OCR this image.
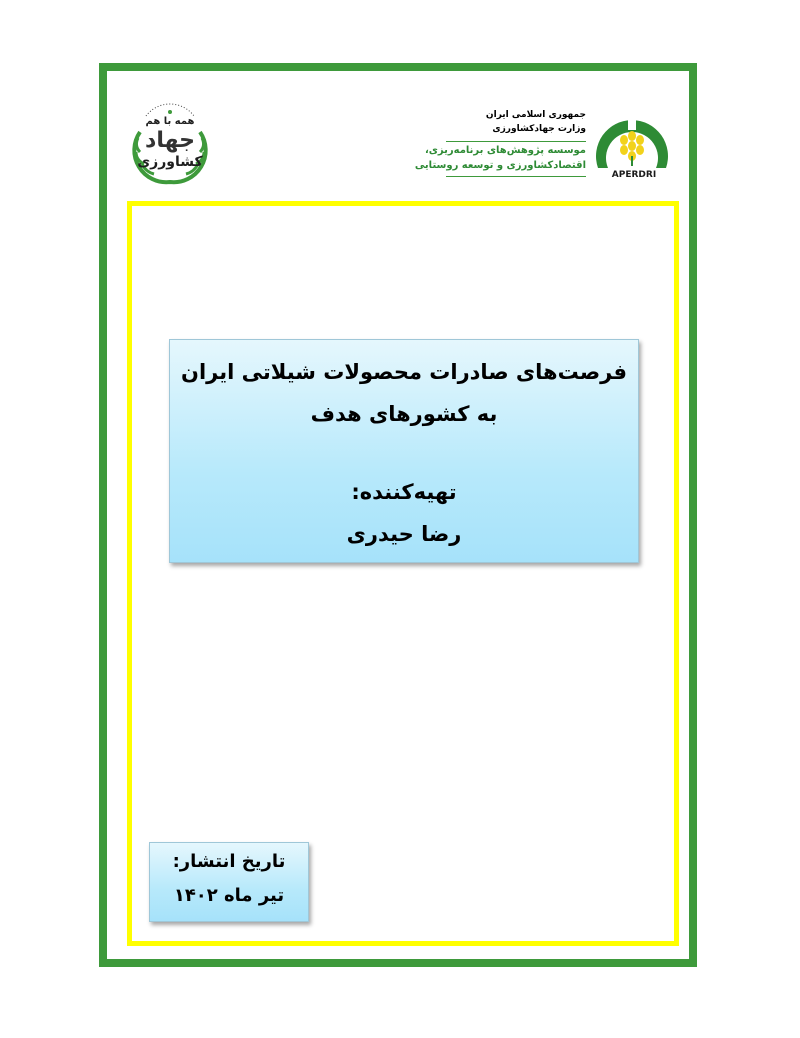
همه با هم
جهاد
کشاورزی
APERDRI
جمهوری اسلامی ایران
وزارت جهادکشاورزی
موسسه پژوهش‌های برنامه‌ریزی،
اقتصادکشاورزی و توسعه روستایی
فرصت‌های صادرات محصولات شیلاتی ایران
به کشورهای هدف
تهیه‌کننده:
رضا حیدری
تاریخ انتشار:
تیر ماه ۱۴۰۲
